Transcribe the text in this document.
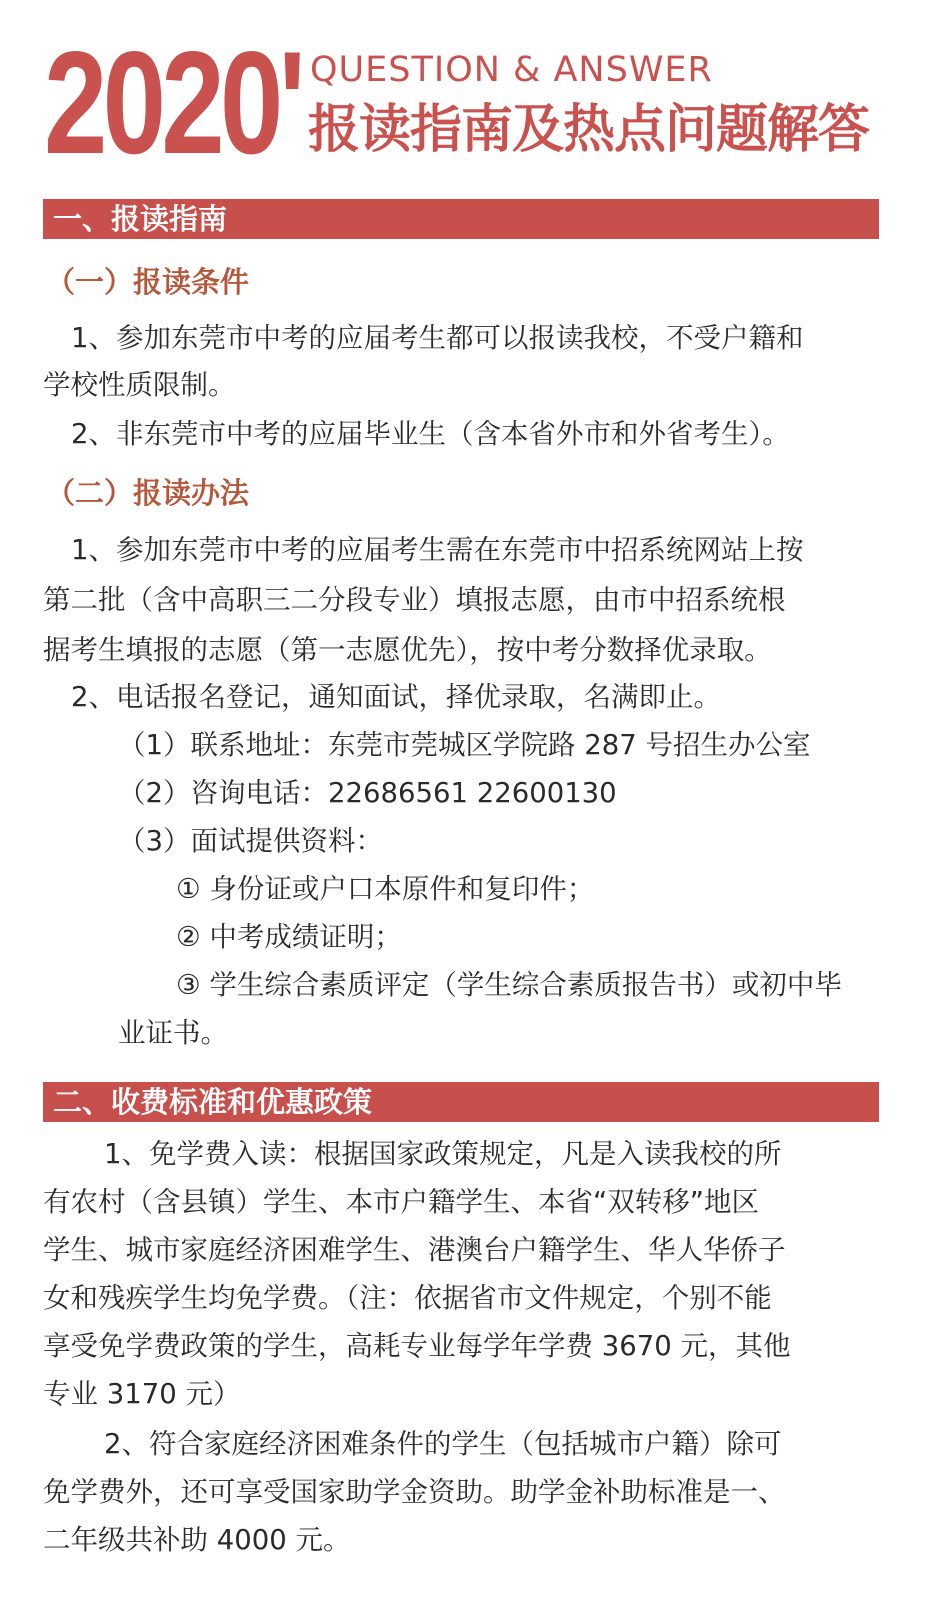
2020' QUESTION & ANSWER
报读指南及热点问题解答
一、报读指南
（一）报读条件
1、参加东莞市中考的应届考生都可以报读我校，不受户籍和
学校性质限制。
2、非东莞市中考的应届毕业生（含本省外市和外省考生）。
（二）报读办法
1、参加东莞市中考的应届考生需在东莞市中招系统网站上按
第二批（含中高职三二分段专业）填报志愿，由市中招系统根
据考生填报的志愿（第一志愿优先），按中考分数择优录取。
2、电话报名登记，通知面试，择优录取，名满即止。
（1）联系地址：东莞市莞城区学院路 287 号招生办公室
（2）咨询电话：22686561 22600130
（3）面试提供资料：
① 身份证或户口本原件和复印件；
② 中考成绩证明；
③ 学生综合素质评定（学生综合素质报告书）或初中毕
业证书。
二、收费标准和优惠政策
1、免学费入读：根据国家政策规定，凡是入读我校的所
有农村（含县镇）学生、本市户籍学生、本省“双转移”地区
学生、城市家庭经济困难学生、港澳台户籍学生、华人华侨子
女和残疾学生均免学费。（注：依据省市文件规定，个别不能
享受免学费政策的学生，高耗专业每学年学费 3670 元，其他
专业 3170 元）
2、符合家庭经济困难条件的学生（包括城市户籍）除可
免学费外，还可享受国家助学金资助。助学金补助标准是一、
二年级共补助 4000 元。
